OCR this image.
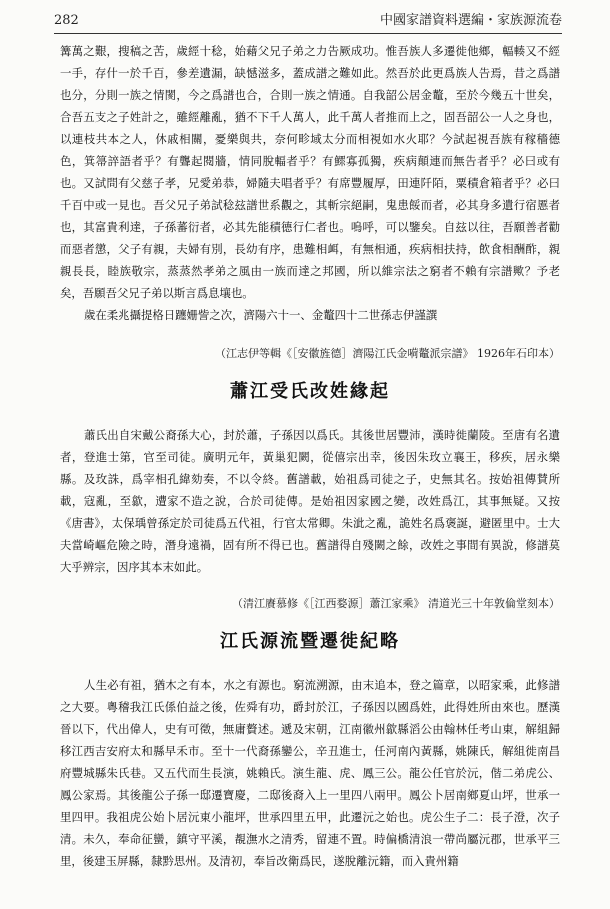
282	中國家譜資料選編・家族源流卷

篝萬之艱，搜稿之苦，歲經十稔，始藉父兄子弟之力告厥成功。惟吾族人多遷徙他鄉，輻輳又不經一手，存什一於千百，參差遺漏，缺憾滋多，蓋成譜之難如此。然吾於此更爲族人告焉，昔之爲譜也分，分則一族之情閡，今之爲譜也合，合則一族之情通。自我韶公居金鼇，至於今幾五十世矣，合吾五支之子姓計之，雖經離亂，猶不下千人萬人，此千萬人者推而上之，固吾韶公一人之身也，以連枝共本之人，休戚相關，憂樂與共，奈何畛域太分而相視如水火耶？今試起視吾族有稼穡德色，箕箒誶語者乎？有聾起閱牆，情同脫輻者乎？有鰥寡孤獨，疾病顛連而無告者乎？必曰或有也。又試問有父慈子孝，兄愛弟恭，婦隨夫唱者乎？有席豐履厚，田連阡陌，粟積倉箱者乎？必曰千百中或一見也。吾父兄子弟試稔玆譜世系觀之，其斬宗絕嗣，鬼患餒而者，必其身多遺行宿慝者也，其富貴利達，子孫蕃衍者，必其先能積德行仁者也。嗚呼，可以鑒矣。自玆以往，吾願善者勸而惡者懲，父子有親，夫婦有別，長幼有序，患難相衈，有無相通，疾病相扶持，飲食相酬酢，親親長長，睦族敬宗，蒸蒸然孝弟之風由一族而達之邦國，所以維宗法之窮者不賴有宗譜歟？予老矣，吾願吾父兄子弟以斯言爲息壤也。

歲在柔兆攝提格日躔姗訾之次，濟陽六十一、金鼇四十二世孫志伊謹譔

（江志伊等輯《［安徽旌德］濟陽江氏金嗬鼇派宗譜》 1926年石印本）
蕭江受氏改姓緣起

蕭氏出自宋戴公裔孫大心，封於蕭，子孫因以爲氏。其後世居豐沛，漢時徙蘭陵。至唐有名遺者，登進士第，官至司徒。廣明元年，黃巢犯闕，從僖宗出幸，後因朱玫立襄王，移疾，居永樂縣。及玫誅，爲宰相孔緯劾奏，不以令終。舊譜載，始祖爲司徒之子，史無其名。按始祖傳賛所載，寇亂，至歙，遭家不造之說，合於司徒傳。是始祖因家國之變，改姓爲江，其事無疑。又按《唐書》，太保瑀曾孫定於司徒爲五代祖，行官太常卿。朱泚之亂，詭姓名爲褒誕，避匿里中。士大夫當崎嶇危險之時，潛身遠禍，固有所不得已也。舊譜得自殘闕之餘，改姓之事間有異說，修譜莫大乎辨宗，因序其本末如此。

（清江賡慕修《［江西婺源］蕭江家乘》 清道光三十年敦倫堂刻本）
江氏源流暨遷徙紀略

人生必有祖，猶木之有本，水之有源也。窮流溯源，由末追本，登之篇章，以昭家乘，此修譜之大要。粵稽我江氏係伯益之後，佐舜有功，爵封於江，子孫因以國爲姓，此得姓所由來也。歷漢晉以下，代出偉人，史有可徵，無庸贅述。遞及宋朝，江南徽州歙縣滔公由翰林任考山東，解組歸移江西吉安府太和縣早禾市。至十一代裔孫鑾公，辛丑進士，任河南內黃縣，姚陳氏，解組徙南昌府豐城縣朱氏巷。又五代而生長演，姚賴氏。演生龍、虎、鳳三公。龍公任官於沅，偕二弟虎公、鳳公家焉。其後龍公子孫一邸遷寶慶，二邸後裔入上一里四八兩甲。鳳公卜居南鄉夏山坪，世承一里四甲。我祖虎公始卜居沅東小龍坪，世承四里五甲，此遷沅之始也。虎公生子二：長子澄，次子清。未久，奉命征蠻，鎮守平溪，覩潕水之清秀，留連不置。時偏橋清浪一帶尚屬沅郡，世承平三里，後建玉屏縣，隸黔思州。及清初，奉旨改衛爲民，遂脫離沅籍，而入貴州籍
